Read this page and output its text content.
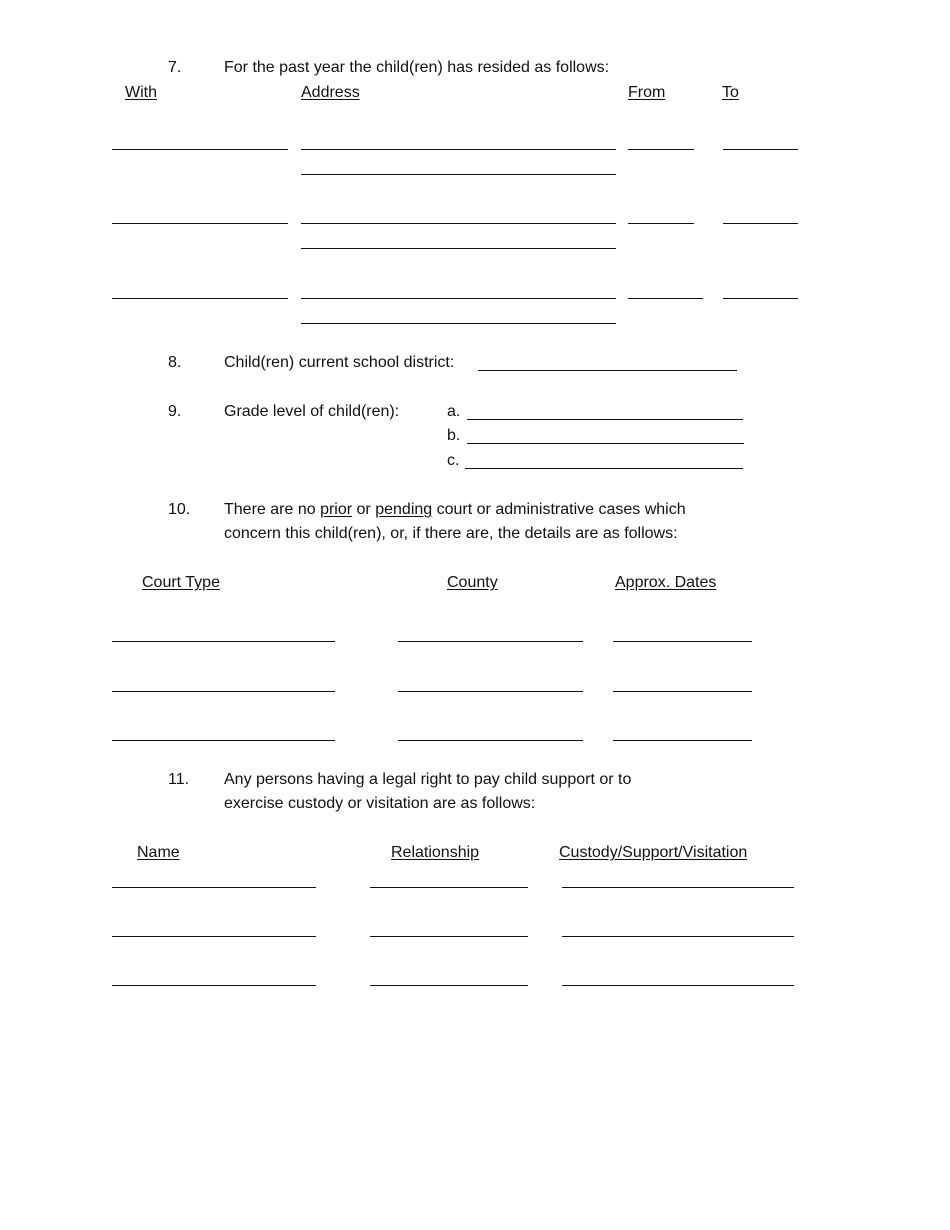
7.	For the past year the child(ren) has resided as follows:
With	Address	From	To
8.	Child(ren) current school district:
9.	Grade level of child(ren):	a.
b.
c.
10. There are no prior or pending court or administrative cases which
concern this child(ren), or, if there are, the details are as follows:
Court Type	County	Approx. Dates
11. Any persons having a legal right to pay child support or to
exercise custody or visitation are as follows:
Name	Relationship	Custody/Support/Visitation
